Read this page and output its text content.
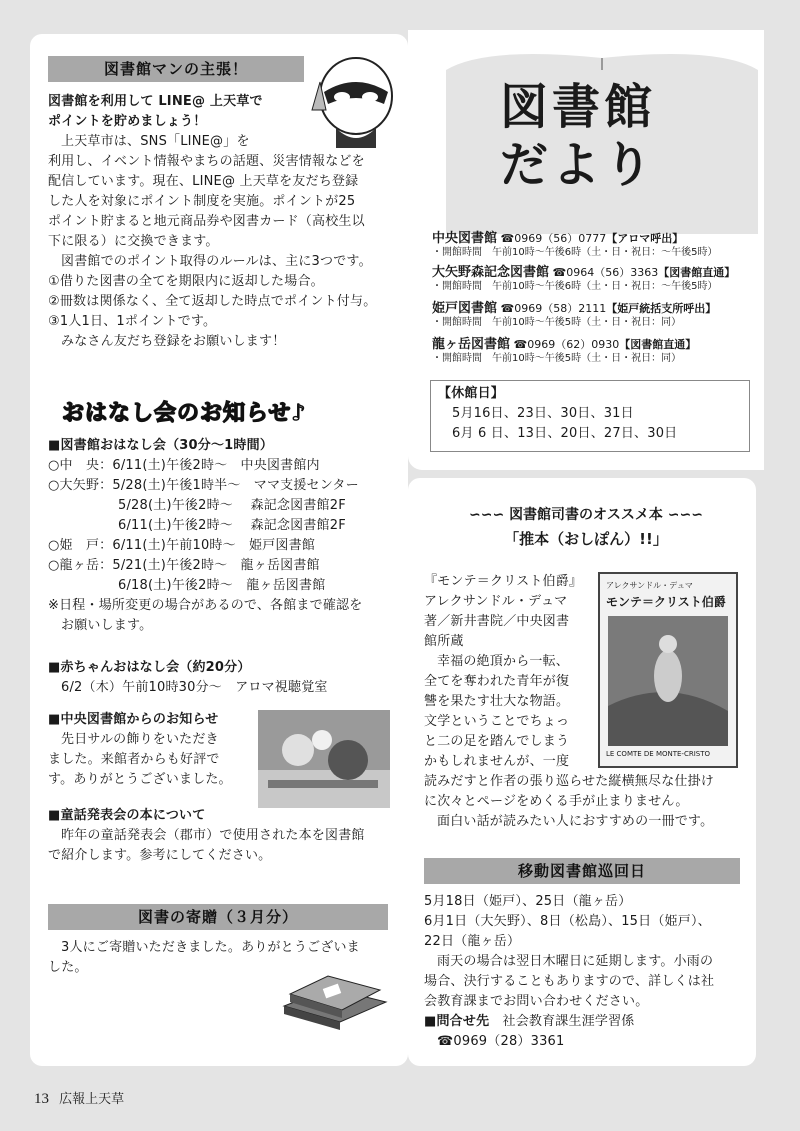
図書館マンの主張！
図書館を利用して LINE@ 上天草で
ポイントを貯めましょう！
上天草市は、SNS「LINE@」を
利用し、イベント情報やまちの話題、災害情報などを
配信しています。現在、LINE@ 上天草を友だち登録
した人を対象にポイント制度を実施。ポイントが25
ポイント貯まると地元商品券や図書カード（高校生以
下に限る）に交換できます。
図書館でのポイント取得のルールは、主に3つです。
①借りた図書の全てを期限内に返却した場合。
②冊数は関係なく、全て返却した時点でポイント付与。
③1人1日、1ポイントです。
みなさん友だち登録をお願いします！
おはなし会のお知らせ♪
■図書館おはなし会（30分～1時間）
○中　央：6/11(土)午後2時～　中央図書館内
○大矢野：5/28(土)午後1時半～　ママ支援センター
5/28(土)午後2時～　 森記念図書館2F
6/11(土)午後2時～　 森記念図書館2F
○姫　戸：6/11(土)午前10時～　姫戸図書館
○龍ヶ岳：5/21(土)午後2時～　龍ヶ岳図書館
6/18(土)午後2時～　龍ヶ岳図書館
※日程・場所変更の場合があるので、各館まで確認を
お願いします。
■赤ちゃんおはなし会（約20分）
6/2（木）午前10時30分～　アロマ視聴覚室
■中央図書館からのお知らせ
先日サルの飾りをいただき
ました。来館者からも好評で
す。ありがとうございました。
■童話発表会の本について
昨年の童話発表会（郡市）で使用された本を図書館
で紹介します。参考にしてください。
図書の寄贈（３月分）
3人にご寄贈いただきました。ありがとうございま
した。
図書館
だより
中央図書館 ☎0969（56）0777【アロマ呼出】
・開館時間　午前10時～午後6時（土・日・祝日：～午後5時）
大矢野森記念図書館 ☎0964（56）3363【図書館直通】
・開館時間　午前10時～午後6時（土・日・祝日：～午後5時）
姫戸図書館 ☎0969（58）2111【姫戸統括支所呼出】
・開館時間　午前10時～午後5時（土・日・祝日：同）
龍ヶ岳図書館 ☎0969（62）0930【図書館直通】
・開館時間　午前10時～午後5時（土・日・祝日：同）
【休館日】
5月16日、23日、30日、31日
6月 6 日、13日、20日、27日、30日
∽∽∽ 図書館司書のオススメ本 ∽∽∽
「推本（おしぽん）!!」
『モンテ＝クリスト伯爵』
アレクサンドル・デュマ
著／新井書院／中央図書
館所蔵
幸福の絶頂から一転、
全てを奪われた青年が復
讐を果たす壮大な物語。
文学ということでちょっ
と二の足を踏んでしまう
かもしれませんが、一度
読みだすと作者の張り巡らせた縦横無尽な仕掛け
に次々とページをめくる手が止まりません。
面白い話が読みたい人におすすめの一冊です。
アレクサンドル・デュマ
モンテ＝クリスト伯爵
LE COMTE DE MONTE-CRISTO
移動図書館巡回日
5月18日（姫戸）、25日（龍ヶ岳）
6月1日（大矢野）、8日（松島）、15日（姫戸）、
22日（龍ヶ岳）
雨天の場合は翌日木曜日に延期します。小雨の
場合、決行することもありますので、詳しくは社
会教育課までお問い合わせください。
■問合せ先　 社会教育課生涯学習係
☎0969（28）3361
13 広報上天草
